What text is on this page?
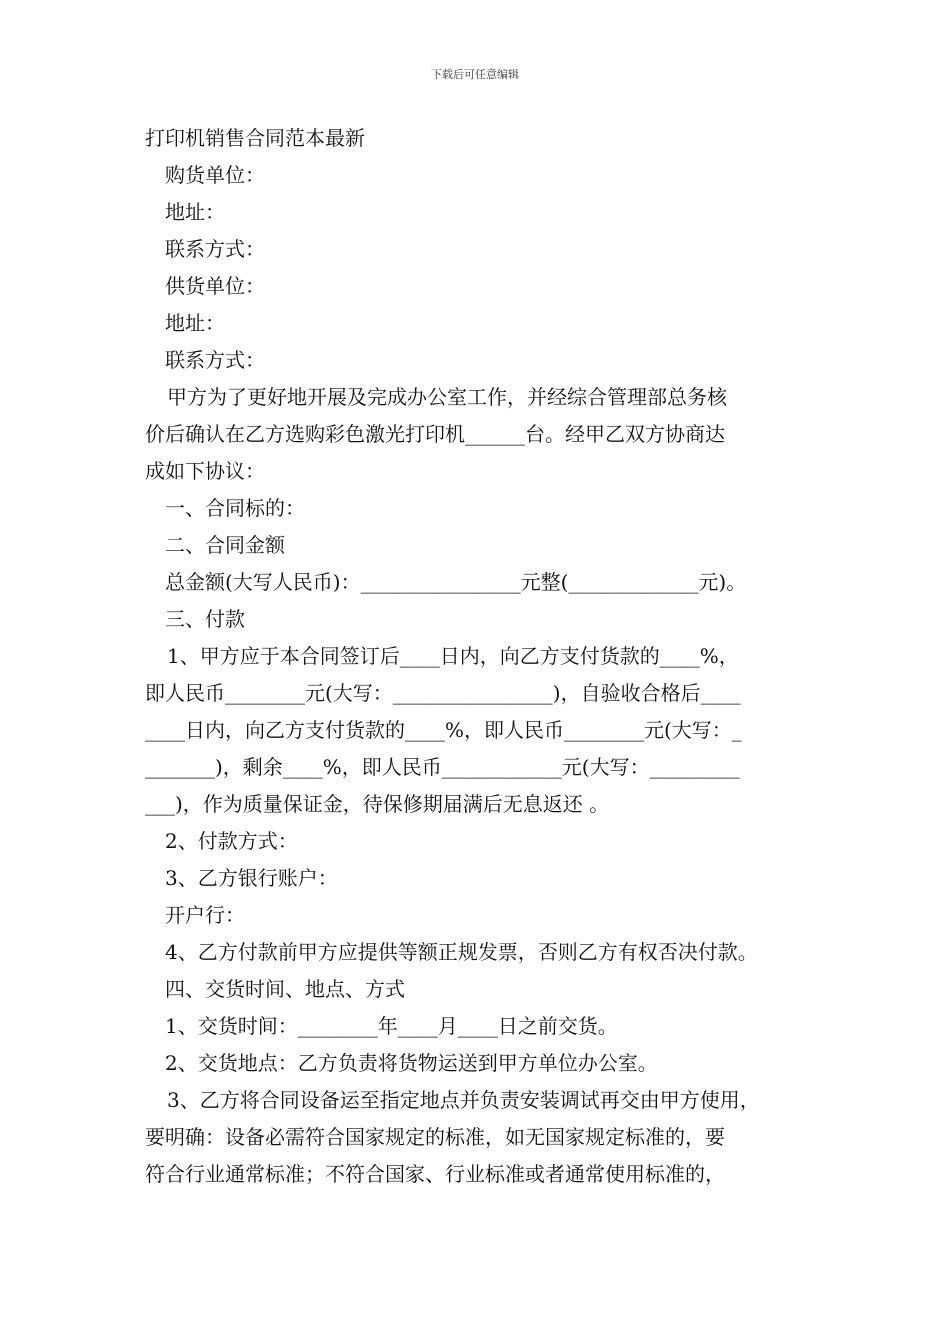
下载后可任意编辑
打印机销售合同范本最新
购货单位：
地址：
联系方式：
供货单位：
地址：
联系方式：
甲方为了更好地开展及完成办公室工作，并经综合管理部总务核
价后确认在乙方选购彩色激光打印机______台。经甲乙双方协商达
成如下协议：
一、合同标的：
二、合同金额
总金额(大写人民币)：________________元整(_____________元)。
三、付款
1、甲方应于本合同签订后____日内，向乙方支付货款的____%，
即人民币________元(大写：________________)，自验收合格后____
____日内，向乙方支付货款的____%，即人民币________元(大写：_
_______)，剩余____%，即人民币____________元(大写：_________
___)，作为质量保证金，待保修期届满后无息返还 。
2、付款方式：
3、乙方银行账户：
开户行：
4、乙方付款前甲方应提供等额正规发票，否则乙方有权否决付款。
四、交货时间、地点、方式
1、交货时间：________年____月____日之前交货。
2、交货地点：乙方负责将货物运送到甲方单位办公室。
3、乙方将合同设备运至指定地点并负责安装调试再交由甲方使用，
要明确：设备必需符合国家规定的标准，如无国家规定标准的，要
符合行业通常标准；不符合国家、行业标准或者通常使用标准的，
